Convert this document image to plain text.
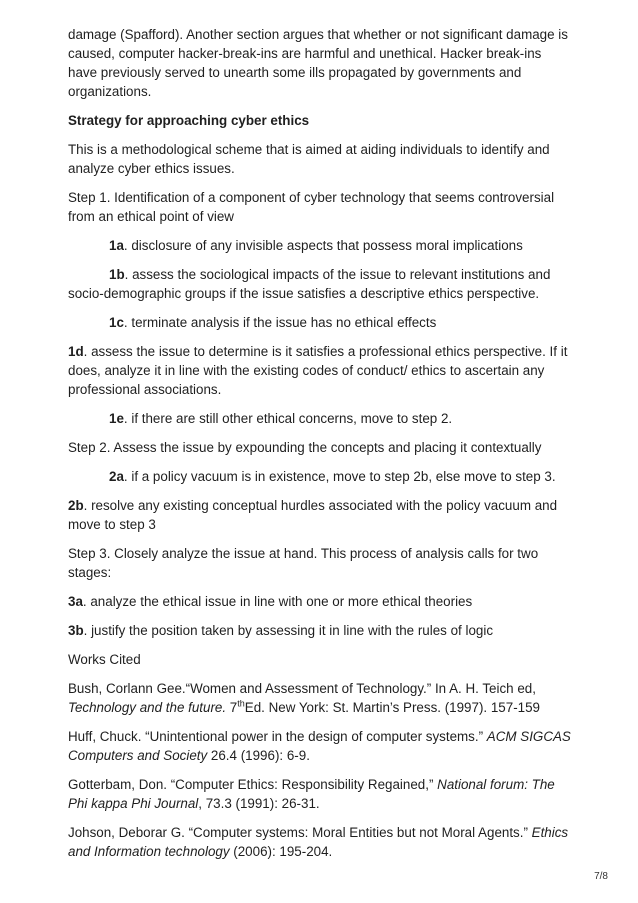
damage (Spafford). Another section argues that whether or not significant damage is caused, computer hacker-break-ins are harmful and unethical. Hacker break-ins have previously served to unearth some ills propagated by governments and organizations.

Strategy for approaching cyber ethics

This is a methodological scheme that is aimed at aiding individuals to identify and analyze cyber ethics issues.

Step 1. Identification of a component of cyber technology that seems controversial from an ethical point of view

1a. disclosure of any invisible aspects that possess moral implications

1b. assess the sociological impacts of the issue to relevant institutions and socio-demographic groups if the issue satisfies a descriptive ethics perspective.

1c. terminate analysis if the issue has no ethical effects

1d. assess the issue to determine is it satisfies a professional ethics perspective. If it does, analyze it in line with the existing codes of conduct/ ethics to ascertain any professional associations.

1e. if there are still other ethical concerns, move to step 2.

Step 2. Assess the issue by expounding the concepts and placing it contextually

2a. if a policy vacuum is in existence, move to step 2b, else move to step 3.

2b. resolve any existing conceptual hurdles associated with the policy vacuum and move to step 3

Step 3. Closely analyze the issue at hand. This process of analysis calls for two stages:

3a. analyze the ethical issue in line with one or more ethical theories

3b. justify the position taken by assessing it in line with the rules of logic

Works Cited

Bush, Corlann Gee.“Women and Assessment of Technology.” In A. H. Teich ed, Technology and the future. 7thEd. New York: St. Martin’s Press. (1997). 157-159

Huff, Chuck. “Unintentional power in the design of computer systems.” ACM SIGCAS Computers and Society 26.4 (1996): 6-9.

Gotterbam, Don. “Computer Ethics: Responsibility Regained,” National forum: The Phi kappa Phi Journal, 73.3 (1991): 26-31.

Johson, Deborar G. “Computer systems: Moral Entities but not Moral Agents.” Ethics and Information technology (2006): 195-204.

7/8
